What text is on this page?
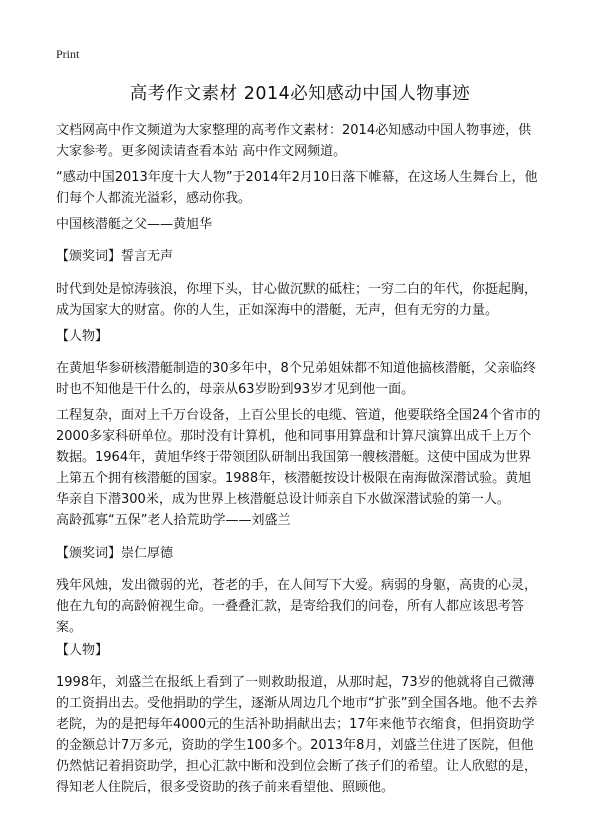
Print
高考作文素材 2014必知感动中国人物事迹

文档网高中作文频道为大家整理的高考作文素材：2014必知感动中国人物事迹，供大家参考。更多阅读请查看本站 高中作文网频道。

“感动中国2013年度十大人物”于2014年2月10日落下帷幕，在这场人生舞台上，他们每个人都流光溢彩，感动你我。

中国核潜艇之父——黄旭华

【颁奖词】誓言无声

时代到处是惊涛骇浪，你埋下头，甘心做沉默的砥柱；一穷二白的年代，你挺起胸，成为国家大的财富。你的人生，正如深海中的潜艇，无声，但有无穷的力量。

【人物】

在黄旭华参研核潜艇制造的30多年中，8个兄弟姐妹都不知道他搞核潜艇，父亲临终时也不知他是干什么的，母亲从63岁盼到93岁才见到他一面。

工程复杂，面对上千万台设备，上百公里长的电缆、管道，他要联络全国24个省市的2000多家科研单位。那时没有计算机，他和同事用算盘和计算尺演算出成千上万个数据。1964年，黄旭华终于带领团队研制出我国第一艘核潜艇。这使中国成为世界上第五个拥有核潜艇的国家。1988年，核潜艇按设计极限在南海做深潜试验。黄旭华亲自下潜300米，成为世界上核潜艇总设计师亲自下水做深潜试验的第一人。

高龄孤寡“五保”老人拾荒助学——刘盛兰

【颁奖词】崇仁厚德

残年风烛，发出微弱的光，苍老的手，在人间写下大爱。病弱的身躯，高贵的心灵，他在九旬的高龄俯视生命。一叠叠汇款，是寄给我们的问卷，所有人都应该思考答案。

【人物】

1998年，刘盛兰在报纸上看到了一则救助报道，从那时起，73岁的他就将自己微薄的工资捐出去。受他捐助的学生，逐渐从周边几个地市“扩张”到全国各地。他不去养老院，为的是把每年4000元的生活补助捐献出去；17年来他节衣缩食，但捐资助学的金额总计7万多元，资助的学生100多个。2013年8月，刘盛兰住进了医院，但他仍然惦记着捐资助学，担心汇款中断和没到位会断了孩子们的希望。让人欣慰的是，得知老人住院后，很多受资助的孩子前来看望他、照顾他。
